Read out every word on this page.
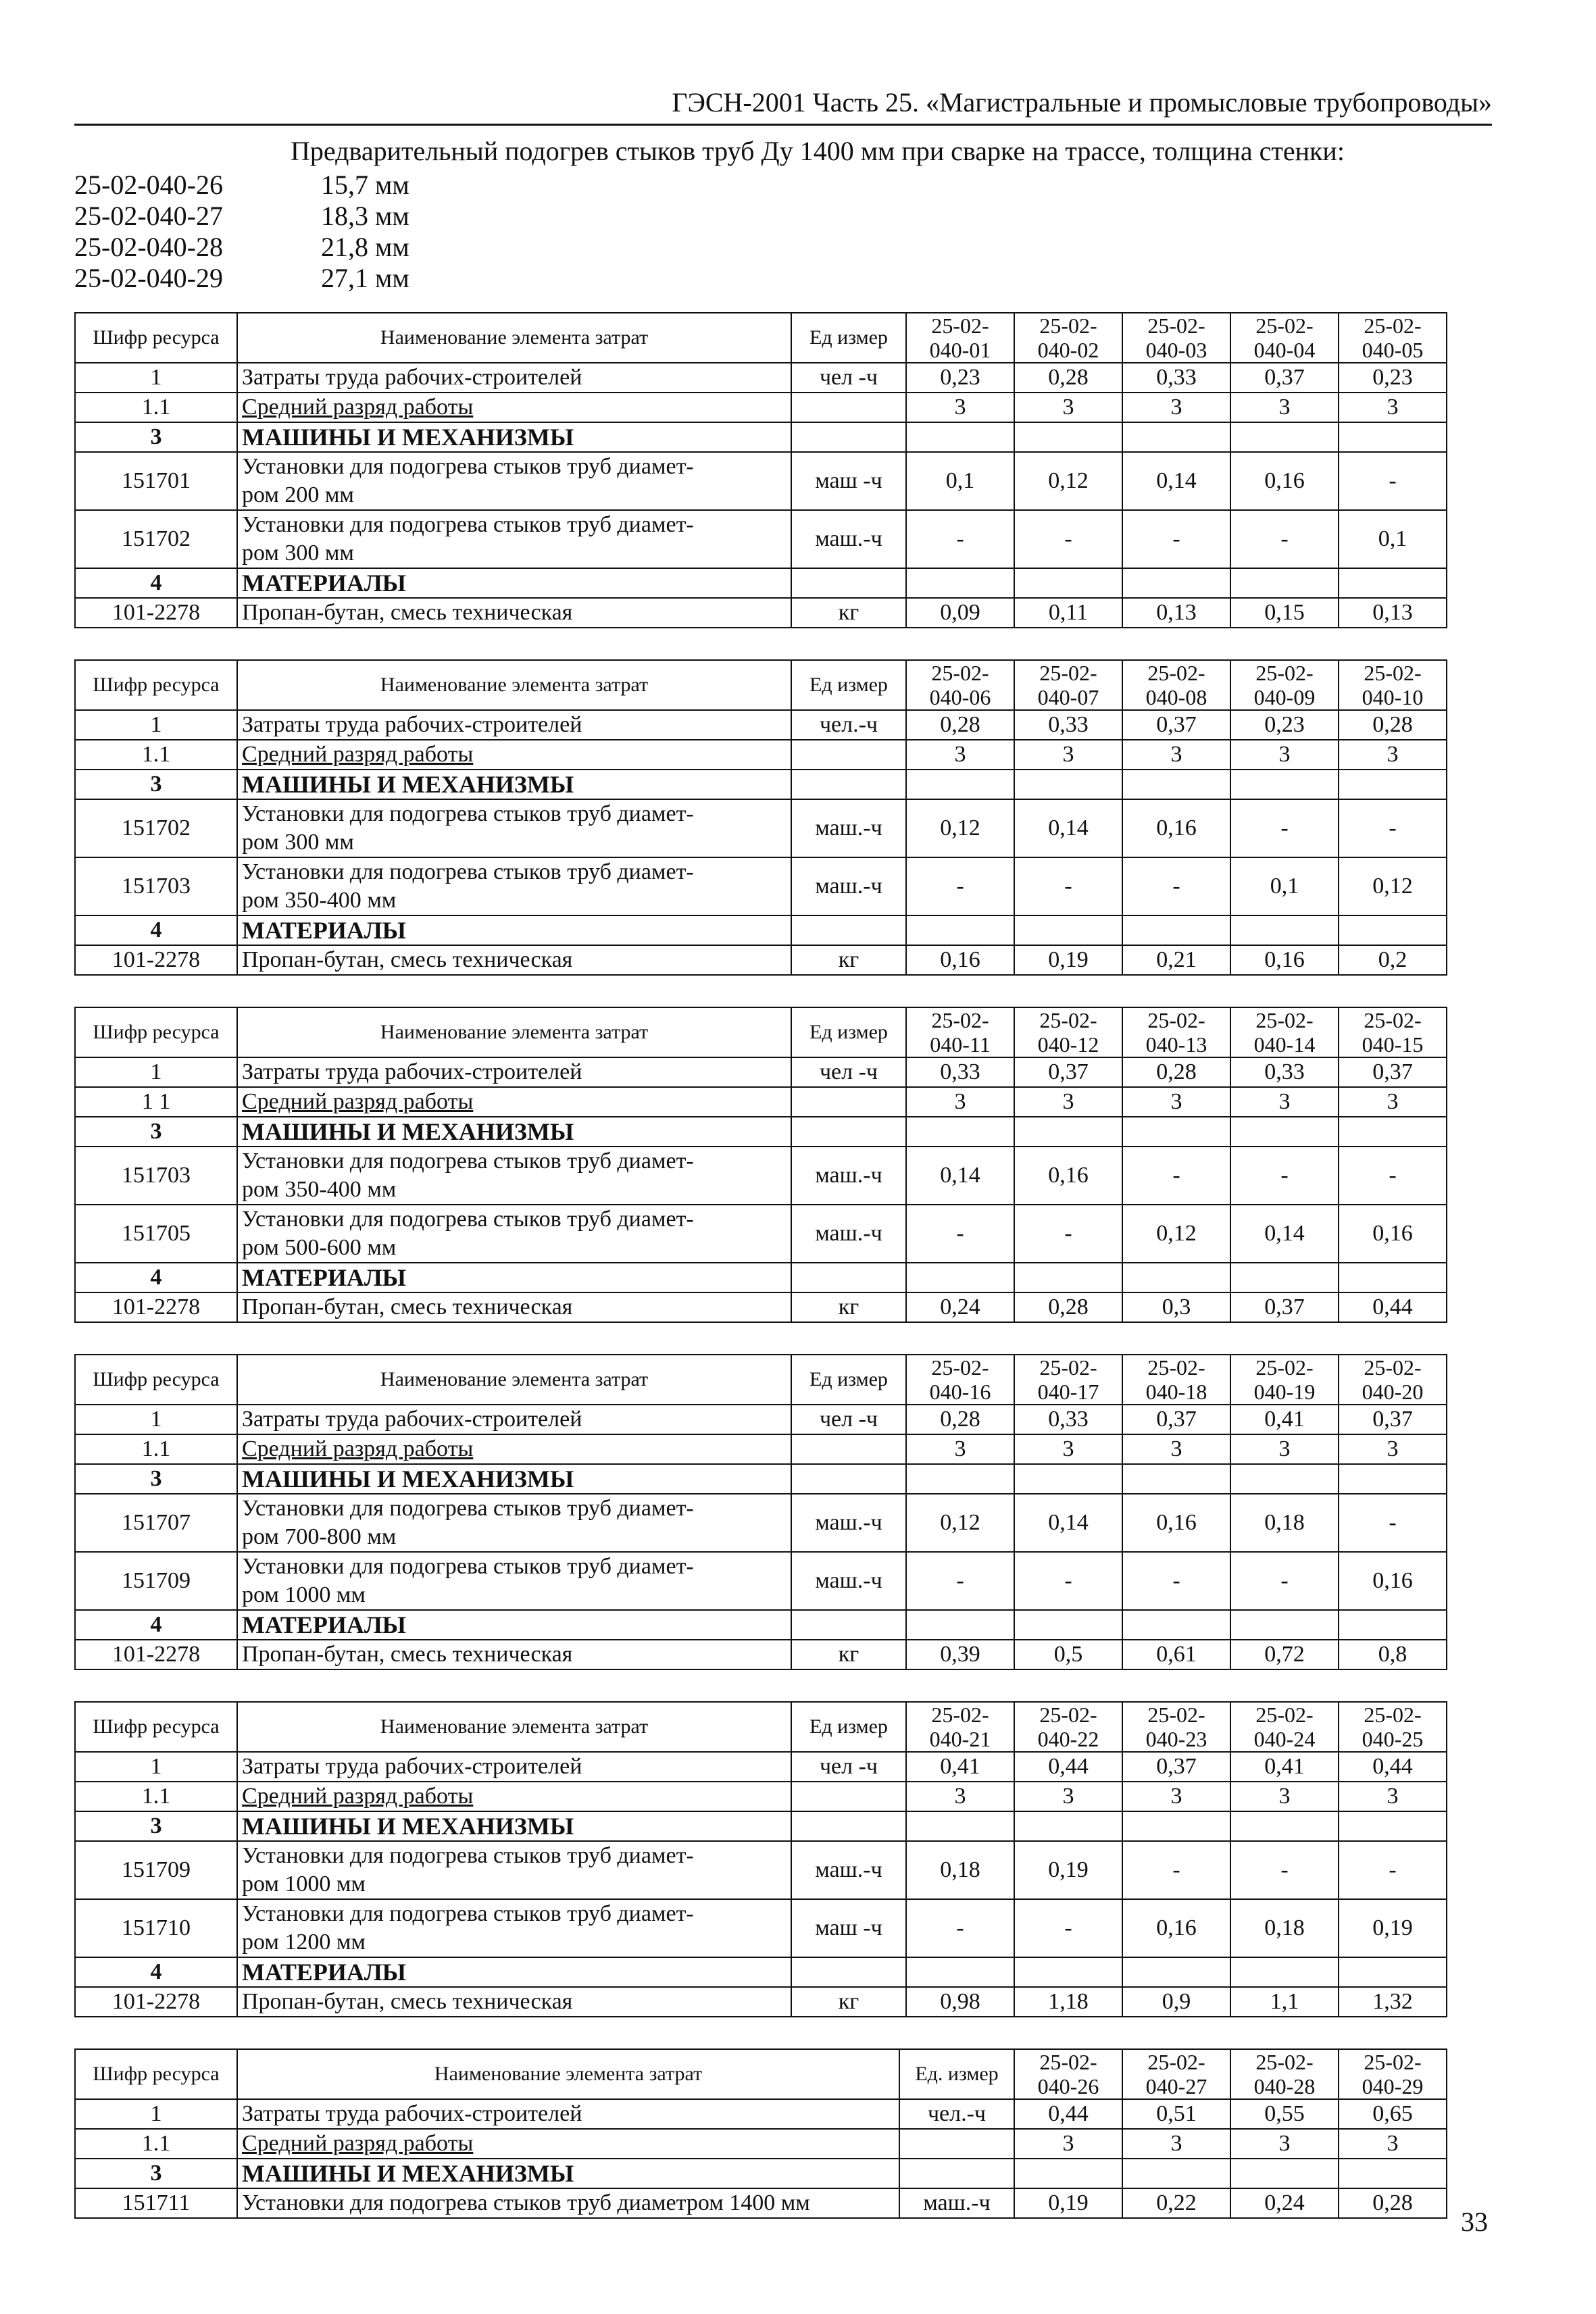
ГЭСН-2001 Часть 25. «Магистральные и промысловые трубопроводы»
Предварительный подогрев стыков труб Ду 1400 мм при сварке на трассе, толщина стенки:
25-02-040-26	15,7 мм
25-02-040-27	18,3 мм
25-02-040-28	21,8 мм
25-02-040-29	27,1 мм
Шифр ресурса	Наименование элемента затрат	Ед измер	25-02-
040-01	25-02-
040-02	25-02-
040-03	25-02-
040-04	25-02-
040-05
1	Затраты труда рабочих-строителей	чел -ч	0,23	0,28	0,33	0,37	0,23
1.1	Средний разряд работы		3	3	3	3	3
3	МАШИНЫ И МЕХАНИЗМЫ						
151701	Установки для подогрева стыков труб диамет-
ром 200 мм	маш -ч	0,1	0,12	0,14	0,16	-
151702	Установки для подогрева стыков труб диамет-
ром 300 мм	маш.-ч	-	-	-	-	0,1
4	МАТЕРИАЛЫ						
101-2278	Пропан-бутан, смесь техническая	кг	0,09	0,11	0,13	0,15	0,13
Шифр ресурса	Наименование элемента затрат	Ед измер	25-02-
040-06	25-02-
040-07	25-02-
040-08	25-02-
040-09	25-02-
040-10
1	Затраты труда рабочих-строителей	чел.-ч	0,28	0,33	0,37	0,23	0,28
1.1	Средний разряд работы		3	3	3	3	3
3	МАШИНЫ И МЕХАНИЗМЫ						
151702	Установки для подогрева стыков труб диамет-
ром 300 мм	маш.-ч	0,12	0,14	0,16	-	-
151703	Установки для подогрева стыков труб диамет-
ром 350-400 мм	маш.-ч	-	-	-	0,1	0,12
4	МАТЕРИАЛЫ						
101-2278	Пропан-бутан, смесь техническая	кг	0,16	0,19	0,21	0,16	0,2
Шифр ресурса	Наименование элемента затрат	Ед измер	25-02-
040-11	25-02-
040-12	25-02-
040-13	25-02-
040-14	25-02-
040-15
1	Затраты труда рабочих-строителей	чел -ч	0,33	0,37	0,28	0,33	0,37
1 1	Средний разряд работы		3	3	3	3	3
3	МАШИНЫ И МЕХАНИЗМЫ						
151703	Установки для подогрева стыков труб диамет-
ром 350-400 мм	маш.-ч	0,14	0,16	-	-	-
151705	Установки для подогрева стыков труб диамет-
ром 500-600 мм	маш.-ч	-	-	0,12	0,14	0,16
4	МАТЕРИАЛЫ						
101-2278	Пропан-бутан, смесь техническая	кг	0,24	0,28	0,3	0,37	0,44
Шифр ресурса	Наименование элемента затрат	Ед измер	25-02-
040-16	25-02-
040-17	25-02-
040-18	25-02-
040-19	25-02-
040-20
1	Затраты труда рабочих-строителей	чел -ч	0,28	0,33	0,37	0,41	0,37
1.1	Средний разряд работы		3	3	3	3	3
3	МАШИНЫ И МЕХАНИЗМЫ						
151707	Установки для подогрева стыков труб диамет-
ром 700-800 мм	маш.-ч	0,12	0,14	0,16	0,18	-
151709	Установки для подогрева стыков труб диамет-
ром 1000 мм	маш.-ч	-	-	-	-	0,16
4	МАТЕРИАЛЫ						
101-2278	Пропан-бутан, смесь техническая	кг	0,39	0,5	0,61	0,72	0,8
Шифр ресурса	Наименование элемента затрат	Ед измер	25-02-
040-21	25-02-
040-22	25-02-
040-23	25-02-
040-24	25-02-
040-25
1	Затраты труда рабочих-строителей	чел -ч	0,41	0,44	0,37	0,41	0,44
1.1	Средний разряд работы		3	3	3	3	3
3	МАШИНЫ И МЕХАНИЗМЫ						
151709	Установки для подогрева стыков труб диамет-
ром 1000 мм	маш.-ч	0,18	0,19	-	-	-
151710	Установки для подогрева стыков труб диамет-
ром 1200 мм	маш -ч	-	-	0,16	0,18	0,19
4	МАТЕРИАЛЫ						
101-2278	Пропан-бутан, смесь техническая	кг	0,98	1,18	0,9	1,1	1,32
Шифр ресурса	Наименование элемента затрат	Ед. измер	25-02-
040-26	25-02-
040-27	25-02-
040-28	25-02-
040-29
1	Затраты труда рабочих-строителей	чел.-ч	0,44	0,51	0,55	0,65
1.1	Средний разряд работы		3	3	3	3
3	МАШИНЫ И МЕХАНИЗМЫ					
151711	Установки для подогрева стыков труб диаметром 1400 мм	маш.-ч	0,19	0,22	0,24	0,28
33
